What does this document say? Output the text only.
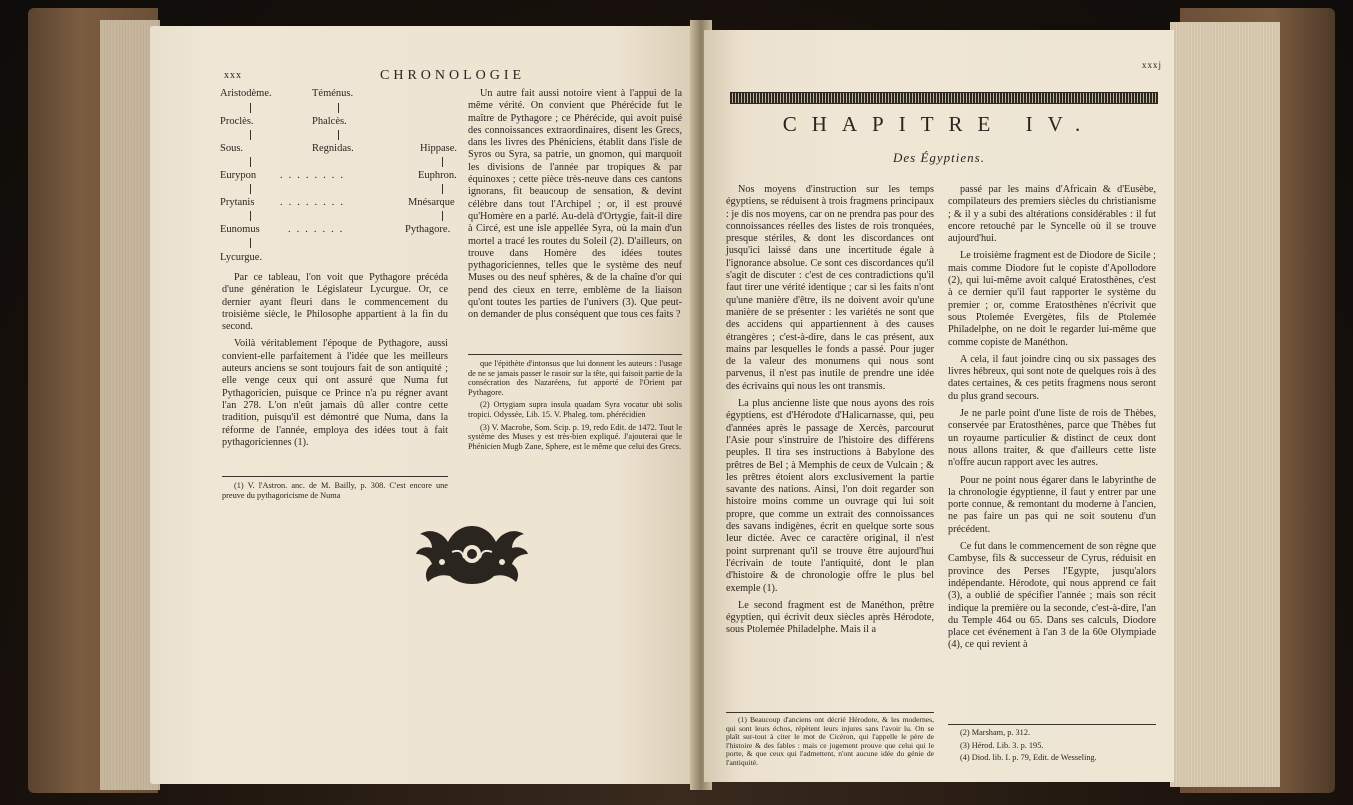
xxx	CHRONOLOGIE
Aristodème.	Téménus.
Proclès.	Phalcès.
Sous.	Regnidas.	Hippase.
Eurypon ........	Euphron.
Prytanis ........	Mnésarque
Eunomus	.......	Pythagore.
Lycurgue.

Par ce tableau, l'on voit que Pythagore précéda d'une génération le Législateur Lycurgue. Or, ce dernier ayant fleuri dans le commencement du troisième siècle, le Philosophe appartient à la fin du second.

Voilà véritablement l'époque de Pythagore, aussi convient-elle parfaitement à l'idée que les meilleurs auteurs anciens se sont toujours fait de son antiquité ; elle venge ceux qui ont assuré que Numa fut Pythagoricien, puisque ce Prince n'a pu régner avant l'an 278. L'on n'eût jamais dû aller contre cette tradition, puisqu'il est démontré que Numa, dans la réforme de l'année, employa des idées tout à fait pythagoriciennes (1).

(1) V. l'Astron. anc. de M. Bailly, p. 308. C'est encore une preuve du pythagoricisme de Numa

Un autre fait aussi notoire vient à l'appui de la même vérité. On convient que Phérécide fut le maître de Pythagore ; ce Phérécide, qui avoit puisé des connoissances extraordinaires, disent les Grecs, dans les livres des Phéniciens, établit dans l'isle de Syros ou Syra, sa patrie, un gnomon, qui marquoit les divisions de l'année par tropiques & par équinoxes ; cette pièce très-neuve dans ces cantons ignorans, fit beaucoup de sensation, & devint célèbre dans tout l'Archipel ; or, il est prouvé qu'Homère en a parlé. Au-delà d'Ortygie, fait-il dire à Circé, est une isle appellée Syra, où la main d'un mortel a tracé les routes du Soleil (2). D'ailleurs, on trouve dans Homère des idées toutes pythagoriciennes, telles que le système des neuf Muses ou des neuf sphères, & de la chaîne d'or qui pend des cieux en terre, emblème de la liaison qu'ont toutes les parties de l'univers (3). Que peut-on demander de plus conséquent que tous ces faits ?

que l'épithète d'intonsus que lui donnent les auteurs : l'usage de ne se jamais passer le rasoir sur la tête, qui faisoit partie de la consécration des Nazaréens, fut apporté de l'Orient par Pythagore.

(2) Ortygiam supra insula quadam Syra vocatur ubi solis tropici. Odyssée, Lib. 15. V. Phaleg. tom. phérécidien

(3) V. Macrobe, Som. Scip. p. 19, redo Edit. de 1472. Tout le système des Muses y est très-bien expliqué. J'ajouterai que le Phénicien Mugb Zane, Sphere, est le même que celui des Grecs.

xxxj
CHAPITRE IV.
Des Égyptiens.

Nos moyens d'instruction sur les temps égyptiens, se réduisent à trois fragmens principaux : je dis nos moyens, car on ne prendra pas pour des connoissances réelles des listes de rois tronquées, presque stériles, & dont les discordances ont jusqu'ici laissé dans une incertitude égale à l'ignorance absolue. Ce sont ces discordances qu'il s'agit de discuter : c'est de ces contradictions qu'il faut tirer une vérité identique ; car si les faits n'ont qu'une manière d'être, ils ne doivent avoir qu'une manière de se présenter : les variétés ne sont que des accidens qui appartiennent à des causes étrangères ; c'est-à-dire, dans le cas présent, aux mains par lesquelles le fonds a passé. Pour juger de la valeur des monumens qui nous sont parvenus, il n'est pas inutile de prendre une idée des écrivains qui nous les ont transmis.

La plus ancienne liste que nous ayons des rois égyptiens, est d'Hérodote d'Halicarnasse, qui, peu d'années après le passage de Xercès, parcourut l'Asie pour s'instruire de l'histoire des différens peuples. Il tira ses instructions à Babylone des prêtres de Bel ; à Memphis de ceux de Vulcain ; & les prêtres étoient alors exclusivement la partie savante des nations. Ainsi, l'on doit regarder son histoire moins comme un ouvrage qui lui soit propre, que comme un extrait des connoissances des savans indigènes, écrit en quelque sorte sous leur dictée. Avec ce caractère original, il n'est point surprenant qu'il se trouve être aujourd'hui l'écrivain de toute l'antiquité, dont le plan d'histoire & de chronologie offre le plus bel exemple (1).

Le second fragment est de Manéthon, prêtre égyptien, qui écrivit deux siècles après Hérodote, sous Ptolemée Philadelphe. Mais il a

(1) Beaucoup d'anciens ont décrié Hérodote, & les modernes, qui sont leurs échos, répètent leurs injures sans l'avoir lu. On se plaît sur-tout à citer le mot de Cicéron, qui l'appelle le père de l'histoire & des fables : mais ce jugement prouve que celui qui le porte, & que ceux qui l'admettent, n'ont aucune idée du génie de l'antiquité.

passé par les mains d'Africain & d'Eusèbe, compilateurs des premiers siècles du christianisme ; & il y a subi des altérations considérables : il fut encore retouché par le Syncelle où il se trouve aujourd'hui.

Le troisième fragment est de Diodore de Sicile ; mais comme Diodore fut le copiste d'Apollodore (2), qui lui-même avoit calqué Eratosthènes, c'est à ce dernier qu'il faut rapporter le système du premier ; or, comme Eratosthènes n'écrivit que sous Ptolemée Evergètes, fils de Ptolemée Philadelphe, on ne doit le regarder lui-même que comme copiste de Manéthon.

A cela, il faut joindre cinq ou six passages des livres hébreux, qui sont note de quelques rois à des dates certaines, & ces petits fragmens nous seront du plus grand secours.

Je ne parle point d'une liste de rois de Thèbes, conservée par Eratosthènes, parce que Thèbes fut un royaume particulier & distinct de ceux dont nous allons traiter, & que d'ailleurs cette liste n'offre aucun rapport avec les autres.

Pour ne point nous égarer dans le labyrinthe de la chronologie égyptienne, il faut y entrer par une porte connue, & remontant du moderne à l'ancien, ne pas faire un pas qui ne soit soutenu d'un précédent.

Ce fut dans le commencement de son règne que Cambyse, fils & successeur de Cyrus, réduisit en province des Perses l'Egypte, jusqu'alors indépendante. Hérodote, qui nous apprend ce fait (3), a oublié de spécifier l'année ; mais son récit indique la première ou la seconde, c'est-à-dire, l'an du Temple 464 ou 65. Dans ses calculs, Diodore place cet événement à l'an 3 de la 60e Olympiade (4), ce qui revient à

(2) Marsham, p. 312.

(3) Hérod. Lib. 3. p. 195.

(4) Diod. lib. I. p. 79, Edit. de Wesseling.
